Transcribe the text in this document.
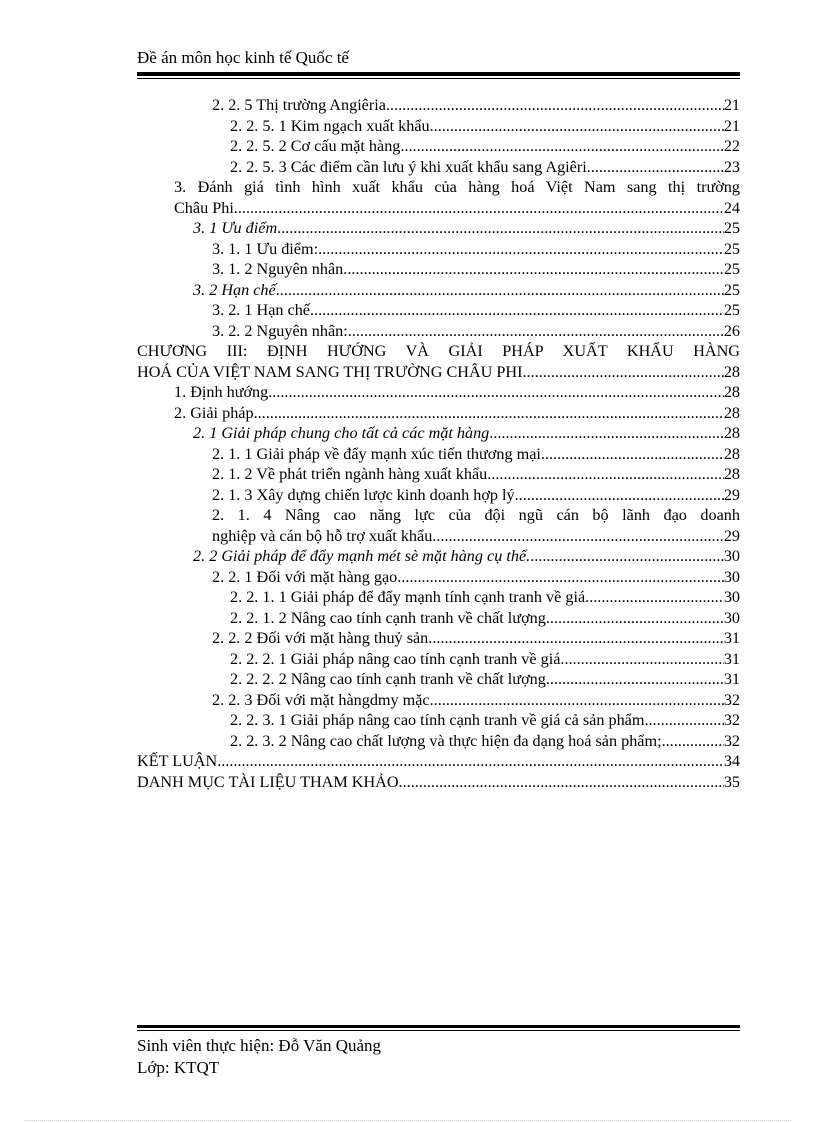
Đề án môn học kinh tế Quốc tế
2. 2. 5 Thị trường Angiêria .....	21
2. 2. 5. 1 Kim ngạch xuất khẩu. .....	21
2. 2. 5. 2 Cơ cấu mặt hàng .....	22
2. 2. 5. 3 Các điểm cần lưu ý khi xuất khẩu sang Agiêri .....	23
3. Đánh giá tình hình xuất khẩu của hàng hoá Việt Nam sang thị trường
Châu Phi. .....	24
3. 1 Ưu điểm .....	25
3. 1. 1 Ưu điểm: .....	25
3. 1. 2 Nguyên nhân. .....	25
3. 2 Hạn chế .....	25
3. 2. 1 Hạn chế .....	25
3. 2. 2 Nguyên nhân: .....	26
CHƯƠNG III: ĐỊNH HƯỚNG VÀ GIẢI PHÁP XUẤT KHẨU HÀNG
HOÁ CỦA VIỆT NAM SANG THỊ TRƯỜNG CHÂU PHI. .....	28
1. Định hướng .....	28
2. Giải pháp. .....	28
2. 1 Giải pháp chung cho tất cả các mặt hàng .....	28
2. 1. 1 Giải pháp về đẩy mạnh xúc tiến thương mại .....	28
2. 1. 2 Về phát triển ngành hàng xuất khẩu .....	28
2. 1. 3 Xây dựng chiến lược kinh doanh hợp lý .....	29
2. 1. 4 Nâng cao năng lực của đội ngũ cán bộ lãnh đạo doanh
nghiệp và cán bộ hỗ trợ xuất khẩu. .....	29
2. 2 Giải pháp để đẩy mạnh mét sè mặt hàng cụ thể. .....	30
2. 2. 1 Đối với mặt hàng gạo .....	30
2. 2. 1. 1 Giải pháp để đẩy mạnh tính cạnh tranh về giá. .....	30
2. 2. 1. 2 Nâng cao tính cạnh tranh về chất lượng. .....	30
2. 2. 2 Đối với mặt hàng thuỷ sản .....	31
2. 2. 2. 1 Giải pháp nâng cao tính cạnh tranh về giá. .....	31
2. 2. 2. 2 Nâng cao tính cạnh tranh về chất lượng .....	31
2. 2. 3 Đối với mặt hàngdmy mặc .....	32
2. 2. 3. 1 Giải pháp nâng cao tính cạnh tranh về giá cả sản phẩm .....	32
2. 2. 3. 2 Nâng cao chất lượng và thực hiện đa dạng hoá sản phẩm; .....	32
KẾT LUẬN .....	34
DANH MỤC TÀI LIỆU THAM KHẢO .....	35
Sinh viên thực hiện: Đỗ Văn Quảng
Lớp: KTQT
